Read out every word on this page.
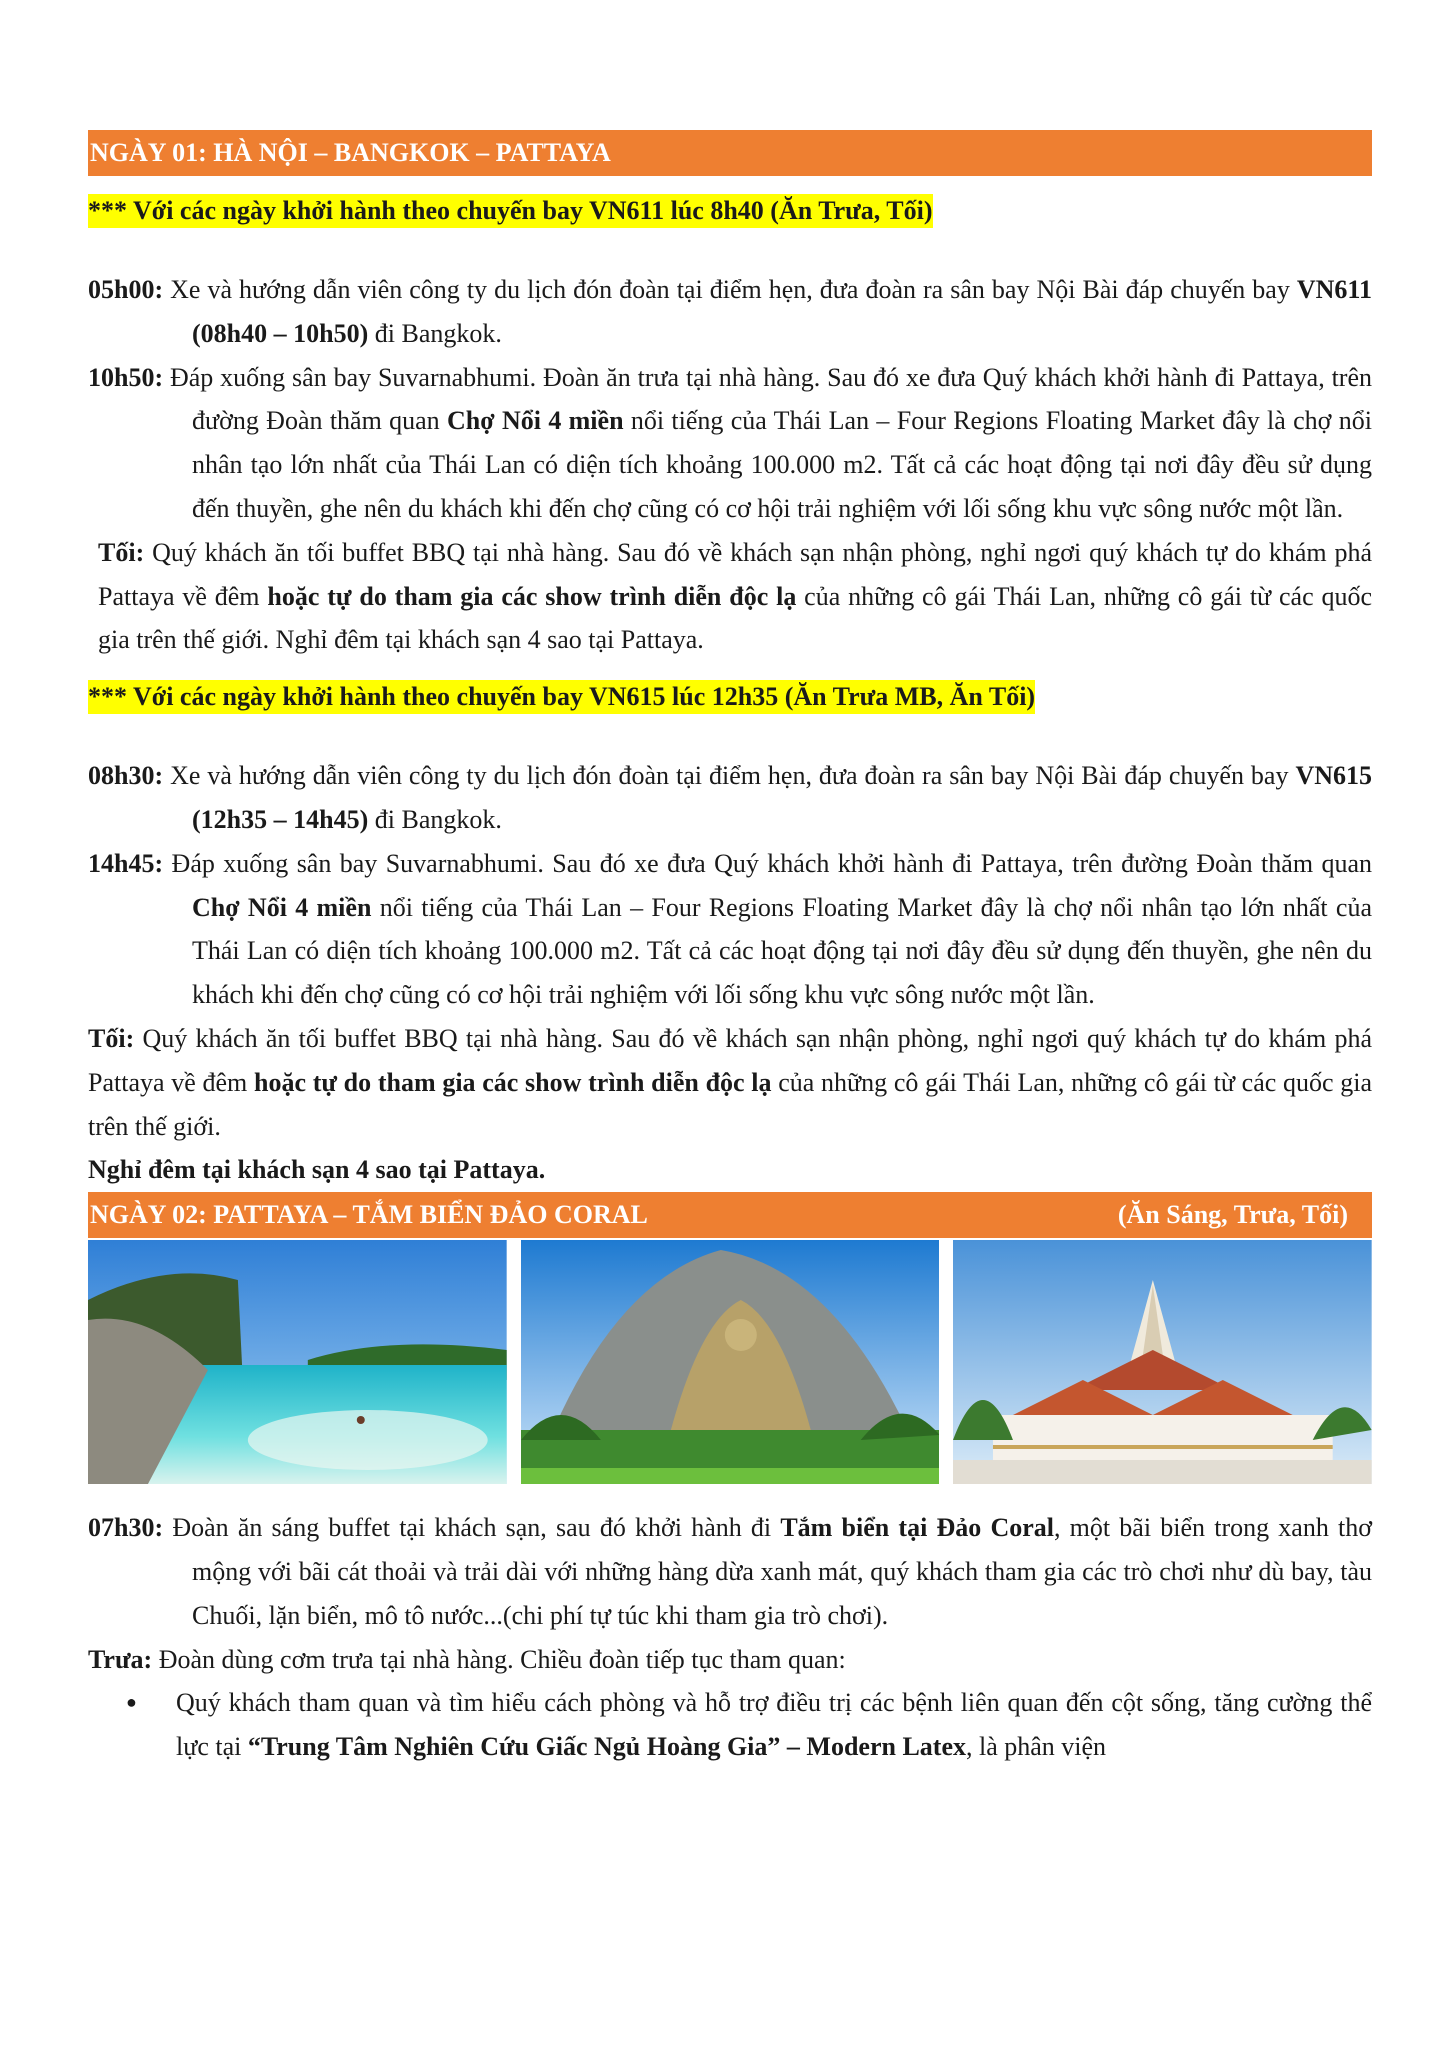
NGÀY 01: HÀ NỘI – BANGKOK – PATTAYA
*** Với các ngày khởi hành theo chuyến bay VN611 lúc 8h40 (Ăn Trưa, Tối)

05h00: Xe và hướng dẫn viên công ty du lịch đón đoàn tại điểm hẹn, đưa đoàn ra sân bay Nội Bài đáp chuyến bay VN611 (08h40 – 10h50) đi Bangkok.

10h50: Đáp xuống sân bay Suvarnabhumi. Đoàn ăn trưa tại nhà hàng. Sau đó xe đưa Quý khách khởi hành đi Pattaya, trên đường Đoàn thăm quan Chợ Nổi 4 miền nổi tiếng của Thái Lan – Four Regions Floating Market đây là chợ nổi nhân tạo lớn nhất của Thái Lan có diện tích khoảng 100.000 m2. Tất cả các hoạt động tại nơi đây đều sử dụng đến thuyền, ghe nên du khách khi đến chợ cũng có cơ hội trải nghiệm với lối sống khu vực sông nước một lần.

Tối: Quý khách ăn tối buffet BBQ tại nhà hàng. Sau đó về khách sạn nhận phòng, nghỉ ngơi quý khách tự do khám phá Pattaya về đêm hoặc tự do tham gia các show trình diễn độc lạ của những cô gái Thái Lan, những cô gái từ các quốc gia trên thế giới. Nghỉ đêm tại khách sạn 4 sao tại Pattaya.

*** Với các ngày khởi hành theo chuyến bay VN615 lúc 12h35 (Ăn Trưa MB, Ăn Tối)

08h30: Xe và hướng dẫn viên công ty du lịch đón đoàn tại điểm hẹn, đưa đoàn ra sân bay Nội Bài đáp chuyến bay VN615 (12h35 – 14h45) đi Bangkok.

14h45: Đáp xuống sân bay Suvarnabhumi. Sau đó xe đưa Quý khách khởi hành đi Pattaya, trên đường Đoàn thăm quan Chợ Nổi 4 miền nổi tiếng của Thái Lan – Four Regions Floating Market đây là chợ nổi nhân tạo lớn nhất của Thái Lan có diện tích khoảng 100.000 m2. Tất cả các hoạt động tại nơi đây đều sử dụng đến thuyền, ghe nên du khách khi đến chợ cũng có cơ hội trải nghiệm với lối sống khu vực sông nước một lần.

Tối: Quý khách ăn tối buffet BBQ tại nhà hàng. Sau đó về khách sạn nhận phòng, nghỉ ngơi quý khách tự do khám phá Pattaya về đêm hoặc tự do tham gia các show trình diễn độc lạ của những cô gái Thái Lan, những cô gái từ các quốc gia trên thế giới.

Nghỉ đêm tại khách sạn 4 sao tại Pattaya.

NGÀY 02: PATTAYA – TẮM BIỂN ĐẢO CORAL	(Ăn Sáng, Trưa, Tối)

07h30: Đoàn ăn sáng buffet tại khách sạn, sau đó khởi hành đi Tắm biển tại Đảo Coral, một bãi biển trong xanh thơ mộng với bãi cát thoải và trải dài với những hàng dừa xanh mát, quý khách tham gia các trò chơi như dù bay, tàu Chuối, lặn biển, mô tô nước...(chi phí tự túc khi tham gia trò chơi).

Trưa: Đoàn dùng cơm trưa tại nhà hàng. Chiều đoàn tiếp tục tham quan:

● Quý khách tham quan và tìm hiểu cách phòng và hỗ trợ điều trị các bệnh liên quan đến cột sống, tăng cường thể lực tại “Trung Tâm Nghiên Cứu Giấc Ngủ Hoàng Gia” – Modern Latex, là phân viện
